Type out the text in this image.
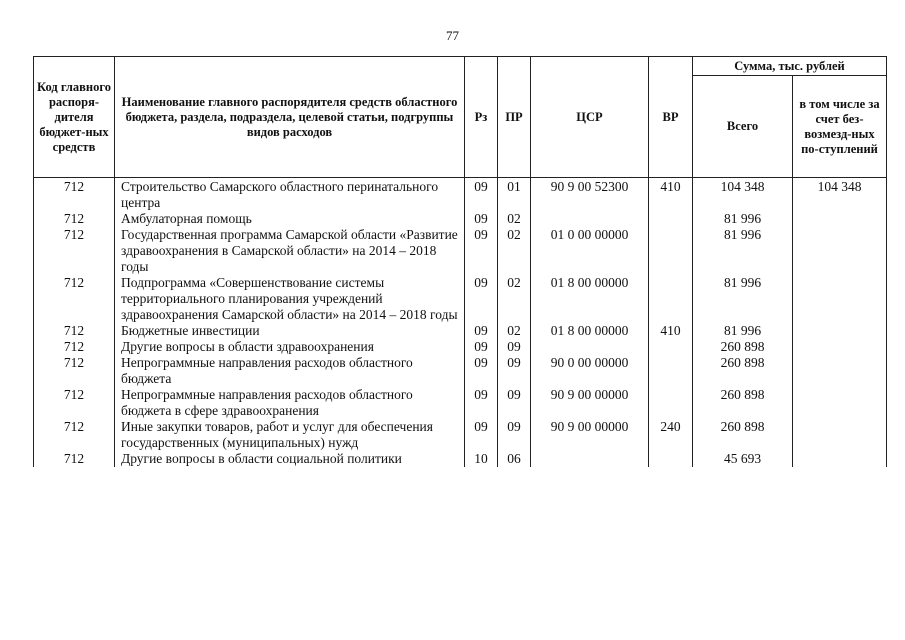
77
Код главного распоря-дителя бюджет-ных средств	Наименование главного распорядителя средств областного бюджета, раздела, подраздела, целевой статьи, подгруппы видов расходов	Рз	ПР	ЦСР	ВР	Сумма, тыс. рублей	
						Всего	в том числе за счет без-возмезд-ных по-ступлений
712	Строительство Самарского областного перинатального центра	09	01	90 9 00 52300	410	104 348	104 348
712	Амбулаторная помощь	09	02			81 996	
712	Государственная программа Самарской области «Развитие здравоохранения в Самарской области» на 2014 – 2018 годы	09	02	01 0 00 00000		81 996	
712	Подпрограмма «Совершенствование системы территориального планирования учреждений здравоохранения Самарской области» на 2014 – 2018 годы	09	02	01 8 00 00000		81 996	
712	Бюджетные инвестиции	09	02	01 8 00 00000	410	81 996	
712	Другие вопросы в области здравоохранения	09	09			260 898	
712	Непрограммные направления расходов областного бюджета	09	09	90 0 00 00000		260 898	
712	Непрограммные направления расходов областного бюджета в сфере здравоохранения	09	09	90 9 00 00000		260 898	
712	Иные закупки товаров, работ и услуг для обеспечения государственных (муниципальных) нужд	09	09	90 9 00 00000	240	260 898	
712	Другие вопросы в области социальной политики	10	06			45 693	
